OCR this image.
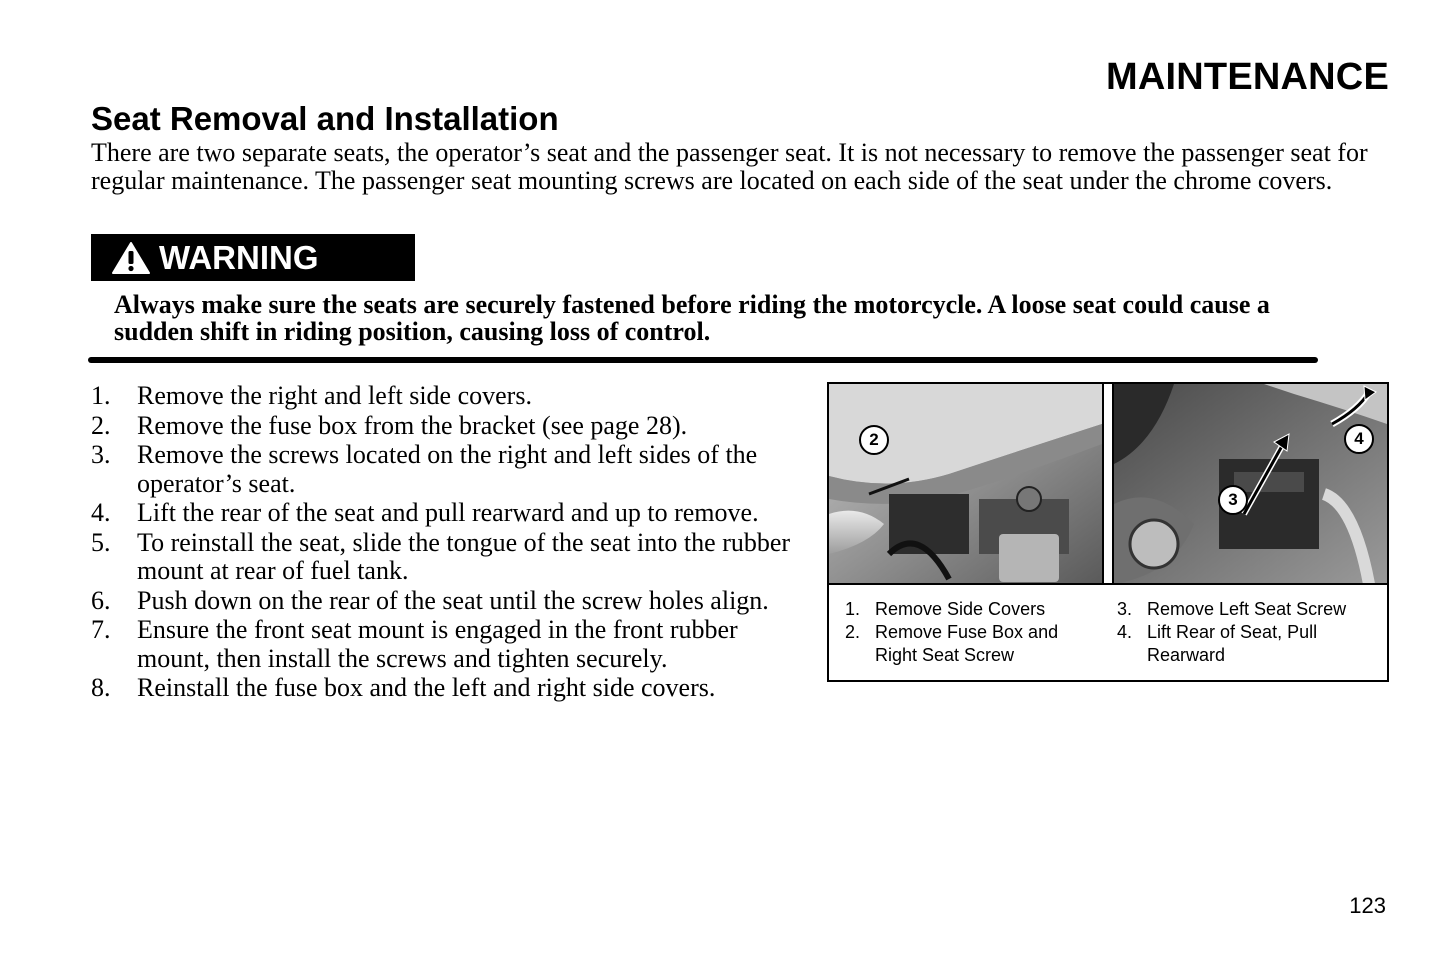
MAINTENANCE
Seat Removal and Installation

There are two separate seats, the operator’s seat and the passenger seat. It is not necessary to remove the passenger seat for regular maintenance. The passenger seat mounting screws are located on each side of the seat under the chrome covers.

WARNING

Always make sure the seats are securely fastened before riding the motorcycle. A loose seat could cause a sudden shift in riding position, causing loss of control.

1. Remove the right and left side covers.
2. Remove the fuse box from the bracket (see page 28).
3. Remove the screws located on the right and left sides of the operator’s seat.
4. Lift the rear of the seat and pull rearward and up to remove.
5. To reinstall the seat, slide the tongue of the seat into the rubber mount at rear of fuel tank.
6. Push down on the rear of the seat until the screw holes align.
7. Ensure the front seat mount is engaged in the front rubber mount, then install the screws and tighten securely.
8. Reinstall the fuse box and the left and right side covers.
2	4
3
1. Remove Side Covers
2. Remove Fuse Box and Right Seat Screw
3. Remove Left Seat Screw
4. Lift Rear of Seat, Pull Rearward

123
